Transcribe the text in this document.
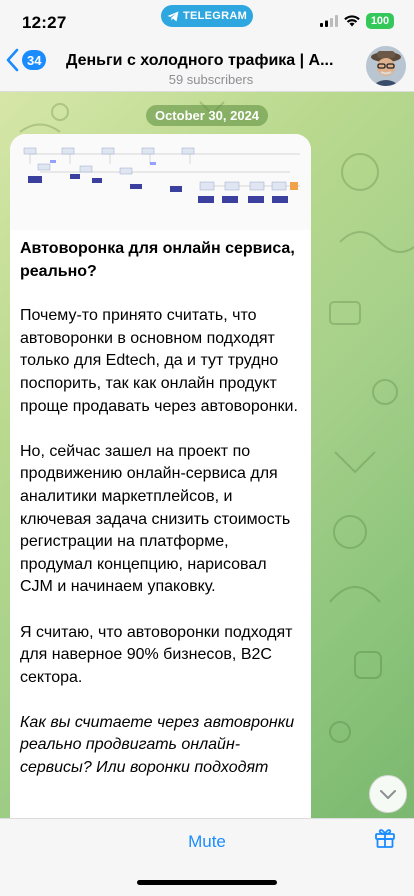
12:27	TELEGRAM	100
34	Деньги с холодного трафика | А...
59 subscribers
October 30, 2024
Автоворонка для онлайн сервиса, реально?

Почему-то принято считать, что автоворонки в основном подходят только для Edtech, да и тут трудно поспорить, так как онлайн продукт проще продавать через автоворонки.

Но, сейчас зашел на проект по продвижению онлайн-сервиса для аналитики маркетплейсов, и ключевая задача снизить стоимость регистрации на платформе, продумал концепцию, нарисовал CJM и начинаем упаковку.

Я считаю, что автоворонки подходят для наверное 90% бизнесов, B2C сектора.

Как вы считаете через автовронки реально продвигать онлайн-сервисы? Или воронки подходят

Mute
